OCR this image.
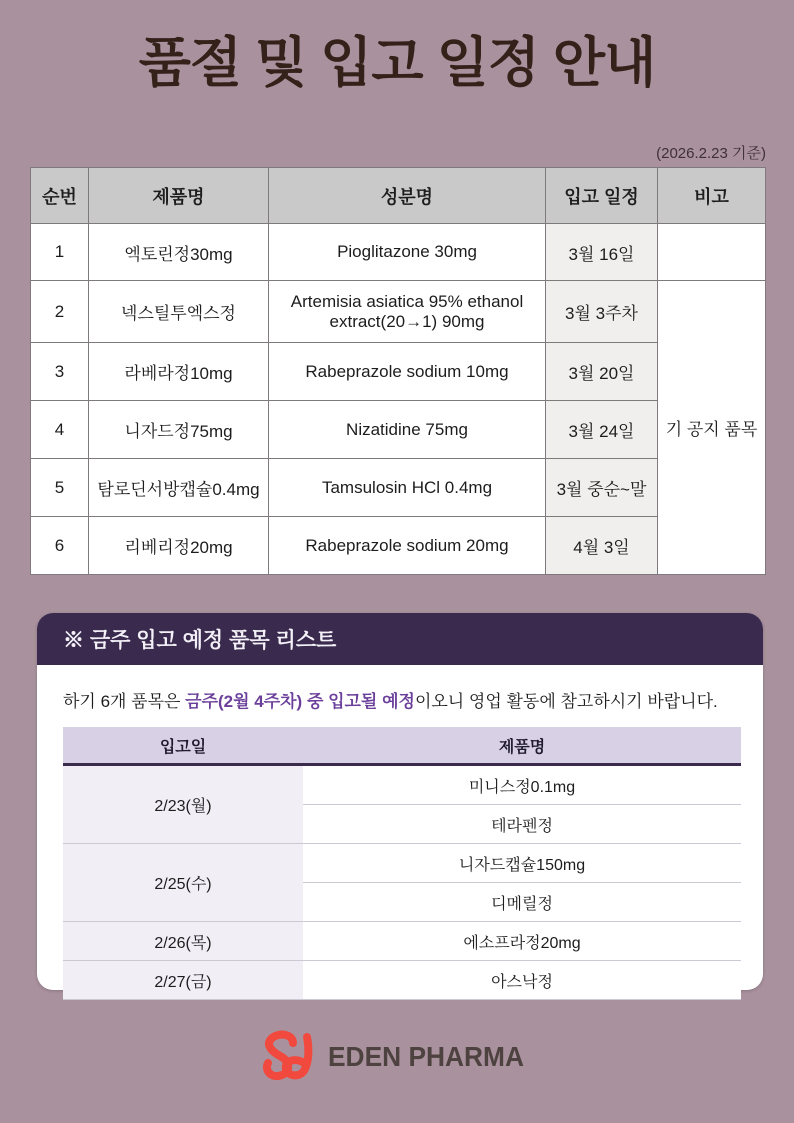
품절 및 입고 일정 안내
(2026.2.23 기준)
순번	제품명	성분명	입고 일정	비고
1	엑토린정30mg	Pioglitazone 30mg	3월 16일	
2	넥스틸투엑스정	Artemisia asiatica 95% ethanol extract(20→1) 90mg	3월 3주차	기 공지 품목
3	라베라정10mg	Rabeprazole sodium 10mg	3월 20일	
4	니자드정75mg	Nizatidine 75mg	3월 24일	
5	탐로딘서방캡슐0.4mg	Tamsulosin HCl 0.4mg	3월 중순~말	
6	리베리정20mg	Rabeprazole sodium 20mg	4월 3일	
※ 금주 입고 예정 품목 리스트
하기 6개 품목은 금주(2월 4주차) 중 입고될 예정이오니 영업 활동에 참고하시기 바랍니다.
입고일	제품명
2/23(월)	미니스정0.1mg
	테라펜정
2/25(수)	니자드캡슐150mg
	디메릴정
2/26(목)	에소프라정20mg
2/27(금)	아스낙정
EDEN PHARMA
